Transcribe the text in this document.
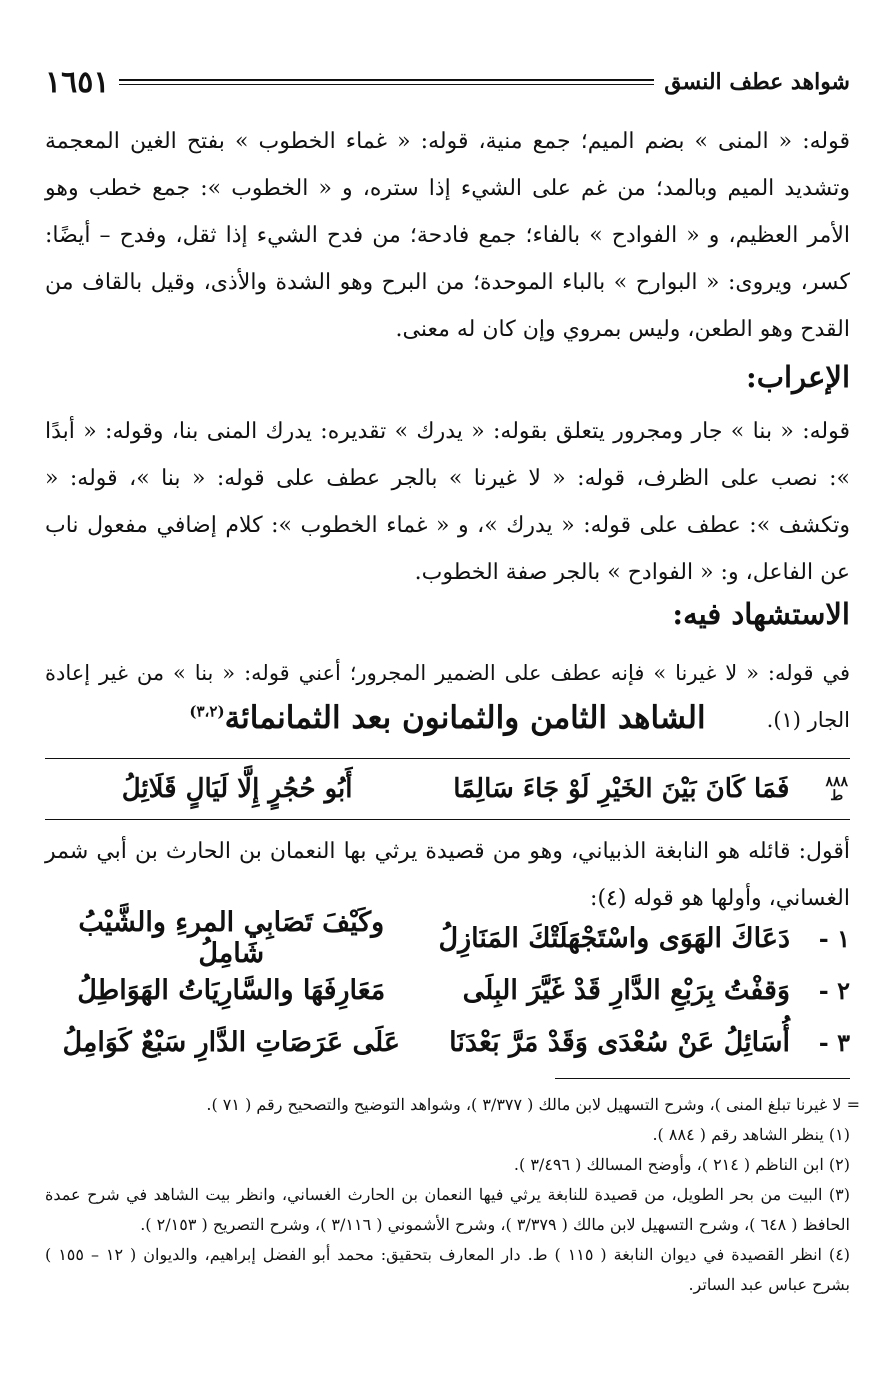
شواهد عطف النسق
١٦٥١

قوله: « المنى » بضم الميم؛ جمع منية، قوله: « غماء الخطوب » بفتح الغين المعجمة وتشديد الميم وبالمد؛ من غم على الشيء إذا ستره، و « الخطوب »: جمع خطب وهو الأمر العظيم، و « الفوادح » بالفاء؛ جمع فادحة؛ من فدح الشيء إذا ثقل، وفدح – أيضًا: كسر، ويروى: « البوارح » بالباء الموحدة؛ من البرح وهو الشدة والأذى، وقيل بالقاف من القدح وهو الطعن، وليس بمروي وإن كان له معنى.

الإعراب:

قوله: « بنا » جار ومجرور يتعلق بقوله: « يدرك » تقديره: يدرك المنى بنا، وقوله: « أبدًا »: نصب على الظرف، قوله: « لا غيرنا » بالجر عطف على قوله: « بنا »، قوله: « وتكشف »: عطف على قوله: « يدرك »، و « غماء الخطوب »: كلام إضافي مفعول ناب عن الفاعل، و: « الفوادح » بالجر صفة الخطوب.

الاستشهاد فيه:

في قوله: « لا غيرنا » فإنه عطف على الضمير المجرور؛ أعني قوله: « بنا » من غير إعادة الجار (١).

الشاهد الثامن والثمانون بعد الثمانمائة$^{(٣،٢)}$
٨٨٨
ط
فَمَا كَانَ بَيْنَ الخَيْرِ لَوْ جَاءَ سَالِمًا
أَبُو حُجُرٍ إِلَّا لَيَالٍ قَلَائِلُ

أقول: قائله هو النابغة الذبياني، وهو من قصيدة يرثي بها النعمان بن الحارث بن أبي شمر الغساني، وأولها هو قوله (٤):

١ -
دَعَاكَ الهَوَى واسْتَجْهَلَتْكَ المَنَازِلُ
وكَيْفَ تَصَابِي المرءِ والشَّيْبُ شَامِلُ
٢ -
وَقفْتُ بِرَبْعِ الدَّارِ قَدْ غَيَّرَ البِلَى
مَعَارِفَهَا والسَّارِيَاتُ الهَوَاطِلُ
٣ -
أُسَائِلُ عَنْ سُعْدَى وَقَدْ مَرَّ بَعْدَنَا
عَلَى عَرَصَاتِ الدَّارِ سَبْعٌ كَوَامِلُ

= لا غيرنا تبلغ المنى )، وشرح التسهيل لابن مالك ( ٣/٣٧٧ )، وشواهد التوضيح والتصحيح رقم ( ٧١ ).

(١) ينظر الشاهد رقم ( ٨٨٤ ).

(٢) ابن الناظم ( ٢١٤ )، وأوضح المسالك ( ٣/٤٩٦ ).

(٣) البيت من بحر الطويل، من قصيدة للنابغة يرثي فيها النعمان بن الحارث الغساني، وانظر بيت الشاهد في شرح عمدة الحافظ ( ٦٤٨ )، وشرح التسهيل لابن مالك ( ٣/٣٧٩ )، وشرح الأشموني ( ٣/١١٦ )، وشرح التصريح ( ٢/١٥٣ ).

(٤) انظر القصيدة في ديوان النابغة ( ١١٥ ) ط. دار المعارف بتحقيق: محمد أبو الفضل إبراهيم، والديوان ( ١٢ – ١٥٥ ) بشرح عباس عبد الساتر.
